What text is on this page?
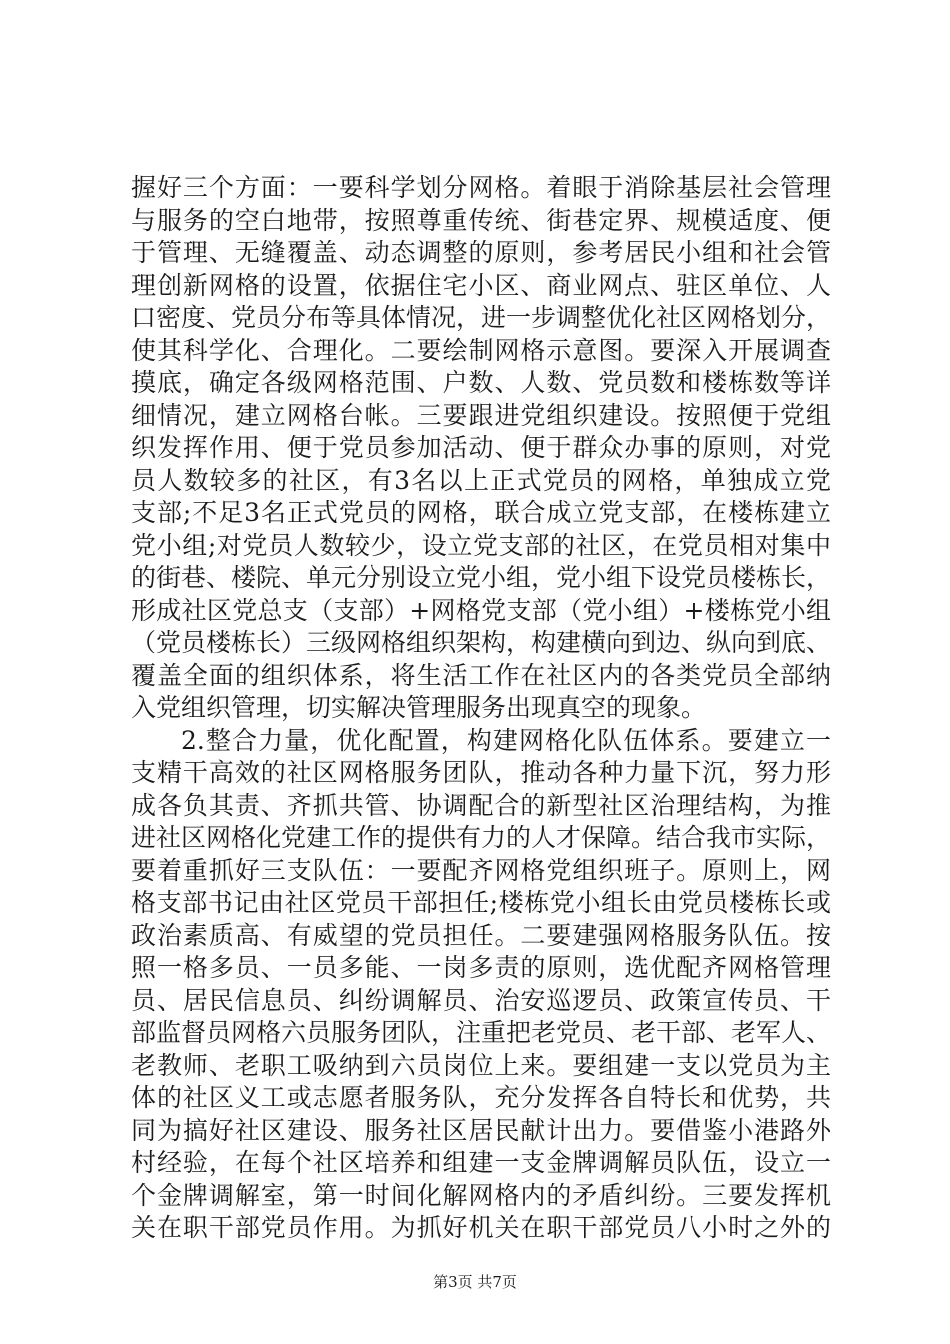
握好三个方面：一要科学划分网格。着眼于消除基层社会管理
与服务的空白地带，按照尊重传统、街巷定界、规模适度、便
于管理、无缝覆盖、动态调整的原则，参考居民小组和社会管
理创新网格的设置，依据住宅小区、商业网点、驻区单位、人
口密度、党员分布等具体情况，进一步调整优化社区网格划分，
使其科学化、合理化。二要绘制网格示意图。要深入开展调查
摸底，确定各级网格范围、户数、人数、党员数和楼栋数等详
细情况，建立网格台帐。三要跟进党组织建设。按照便于党组
织发挥作用、便于党员参加活动、便于群众办事的原则，对党
员人数较多的社区，有3名以上正式党员的网格，单独成立党
支部;不足3名正式党员的网格，联合成立党支部，在楼栋建立
党小组;对党员人数较少，设立党支部的社区，在党员相对集中
的街巷、楼院、单元分别设立党小组，党小组下设党员楼栋长，
形成社区党总支（支部）+网格党支部（党小组）+楼栋党小组
（党员楼栋长）三级网格组织架构，构建横向到边、纵向到底、
覆盖全面的组织体系，将生活工作在社区内的各类党员全部纳
入党组织管理，切实解决管理服务出现真空的现象。
2.整合力量，优化配置，构建网格化队伍体系。要建立一
支精干高效的社区网格服务团队，推动各种力量下沉，努力形
成各负其责、齐抓共管、协调配合的新型社区治理结构，为推
进社区网格化党建工作的提供有力的人才保障。结合我市实际，
要着重抓好三支队伍：一要配齐网格党组织班子。原则上，网
格支部书记由社区党员干部担任;楼栋党小组长由党员楼栋长或
政治素质高、有威望的党员担任。二要建强网格服务队伍。按
照一格多员、一员多能、一岗多责的原则，选优配齐网格管理
员、居民信息员、纠纷调解员、治安巡逻员、政策宣传员、干
部监督员网格六员服务团队，注重把老党员、老干部、老军人、
老教师、老职工吸纳到六员岗位上来。要组建一支以党员为主
体的社区义工或志愿者服务队，充分发挥各自特长和优势，共
同为搞好社区建设、服务社区居民献计出力。要借鉴小港路外
村经验，在每个社区培养和组建一支金牌调解员队伍，设立一
个金牌调解室，第一时间化解网格内的矛盾纠纷。三要发挥机
关在职干部党员作用。为抓好机关在职干部党员八小时之外的
第3页 共7页
